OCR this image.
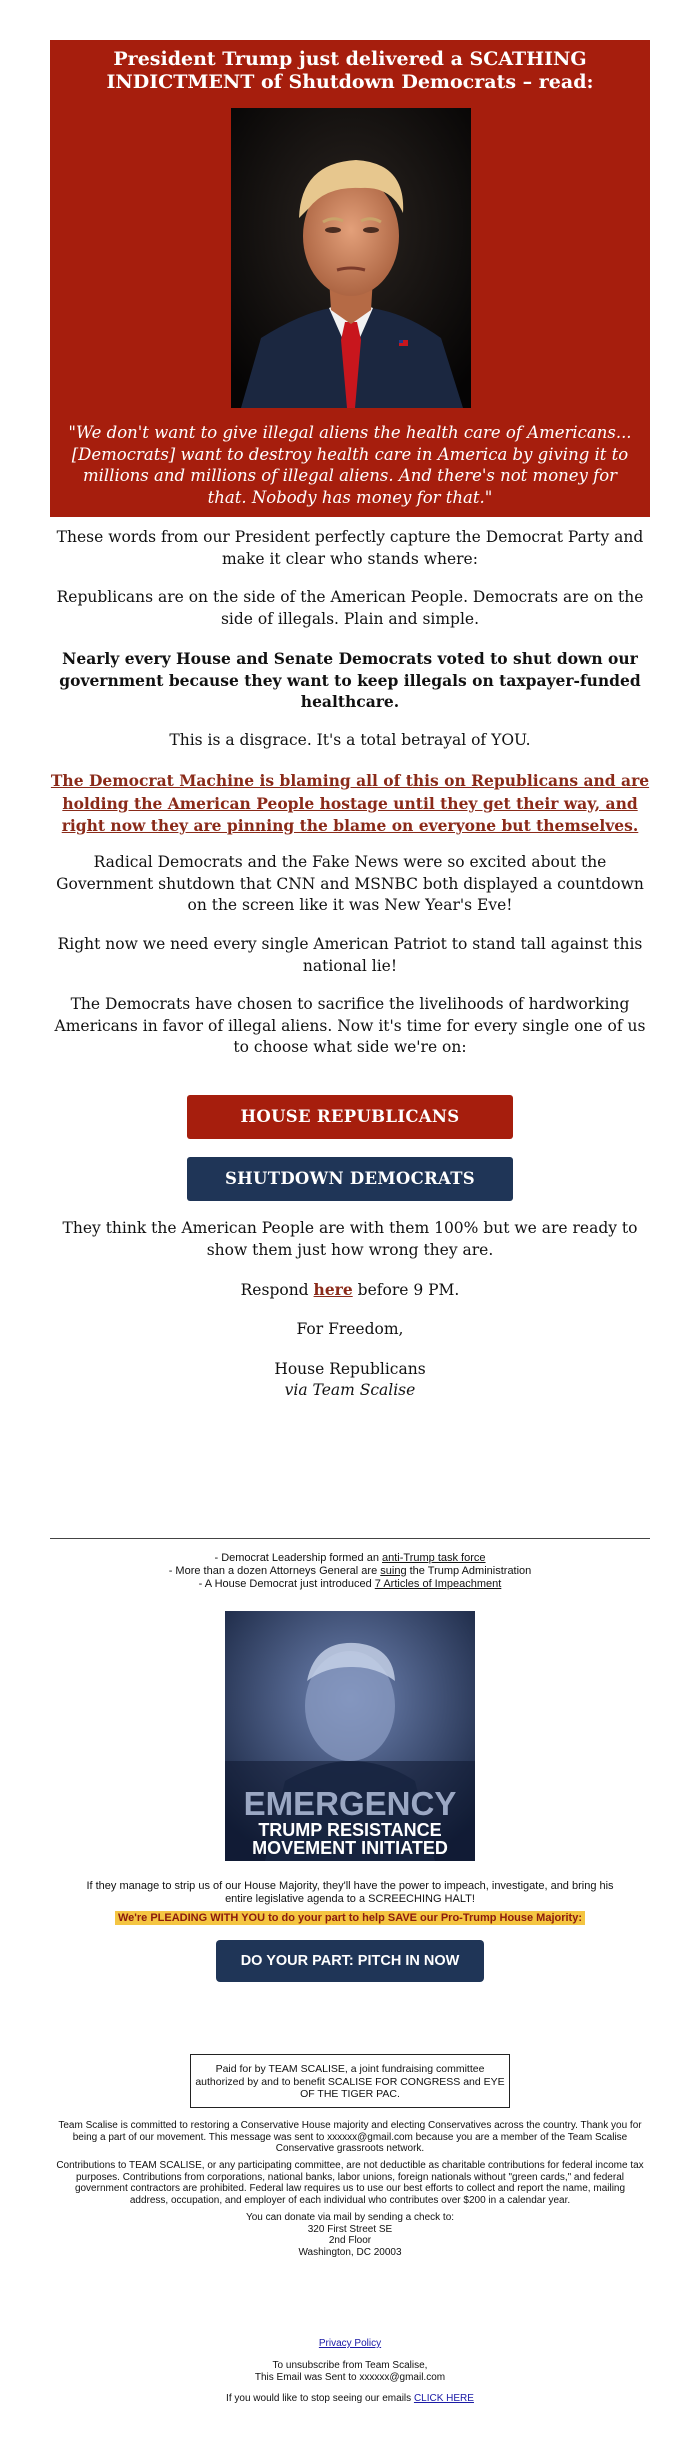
President Trump just delivered a SCATHING INDICTMENT of Shutdown Democrats – read:
"We don't want to give illegal aliens the health care of Americans... [Democrats] want to destroy health care in America by giving it to millions and millions of illegal aliens. And there's not money for that. Nobody has money for that."

These words from our President perfectly capture the Democrat Party and make it clear who stands where:

Republicans are on the side of the American People. Democrats are on the side of illegals. Plain and simple.

Nearly every House and Senate Democrats voted to shut down our government because they want to keep illegals on taxpayer-funded healthcare.

This is a disgrace. It's a total betrayal of YOU.

The Democrat Machine is blaming all of this on Republicans and are holding the American People hostage until they get their way, and right now they are pinning the blame on everyone but themselves.

Radical Democrats and the Fake News were so excited about the Government shutdown that CNN and MSNBC both displayed a countdown on the screen like it was New Year's Eve!

Right now we need every single American Patriot to stand tall against this national lie!

The Democrats have chosen to sacrifice the livelihoods of hardworking Americans in favor of illegal aliens. Now it's time for every single one of us to choose what side we're on:

HOUSE REPUBLICANS
SHUTDOWN DEMOCRATS

They think the American People are with them 100% but we are ready to show them just how wrong they are.

Respond here before 9 PM.

For Freedom,

House Republicans

via Team Scalise

- Democrat Leadership formed an anti-Trump task force
- More than a dozen Attorneys General are suing the Trump Administration
- A House Democrat just introduced 7 Articles of Impeachment
EMERGENCY
TRUMP RESISTANCE
MOVEMENT INITIATED

If they manage to strip us of our House Majority, they'll have the power to impeach, investigate, and bring his entire legislative agenda to a SCREECHING HALT!

We're PLEADING WITH YOU to do your part to help SAVE our Pro-Trump House Majority:

DO YOUR PART: PITCH IN NOW
Paid for by TEAM SCALISE, a joint fundraising committee authorized by and to benefit SCALISE FOR CONGRESS and EYE OF THE TIGER PAC.

Team Scalise is committed to restoring a Conservative House majority and electing Conservatives across the country. Thank you for being a part of our movement. This message was sent to xxxxxx@gmail.com because you are a member of the Team Scalise Conservative grassroots network.

Contributions to TEAM SCALISE, or any participating committee, are not deductible as charitable contributions for federal income tax purposes. Contributions from corporations, national banks, labor unions, foreign nationals without "green cards," and federal government contractors are prohibited. Federal law requires us to use our best efforts to collect and report the name, mailing address, occupation, and employer of each individual who contributes over $200 in a calendar year.

You can donate via mail by sending a check to:
320 First Street SE
2nd Floor
Washington, DC 20003
Privacy Policy
To unsubscribe from Team Scalise,
This Email was Sent to xxxxxx@gmail.com
If you would like to stop seeing our emails CLICK HERE
